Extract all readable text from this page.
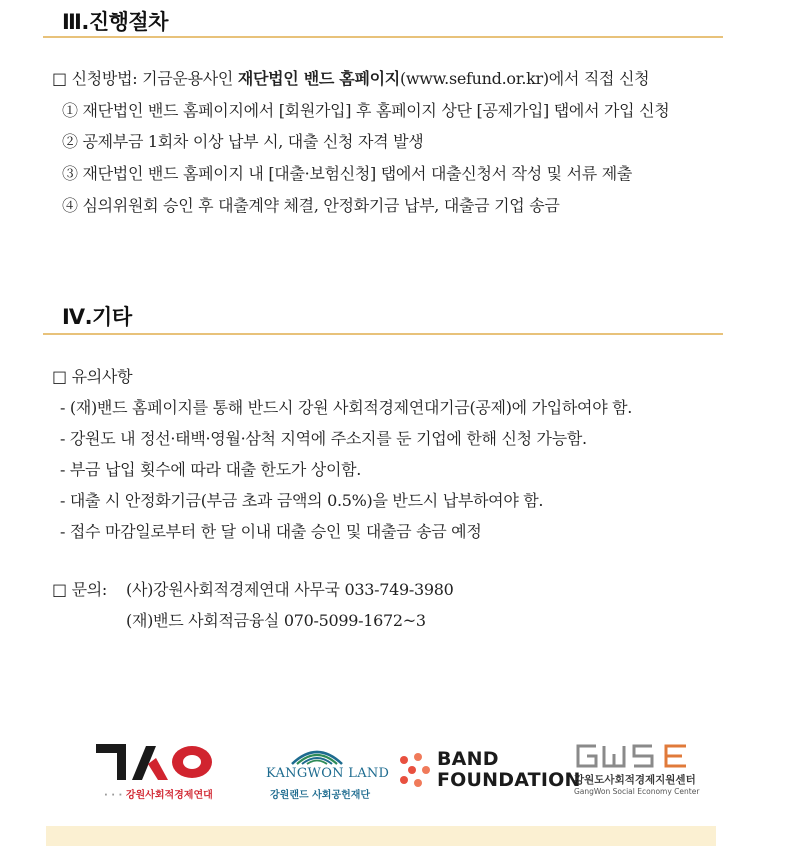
Ⅲ.진행절차
□ 신청방법: 기금운용사인 재단법인 밴드 홈페이지(www.sefund.or.kr)에서 직접 신청
① 재단법인 밴드 홈페이지에서 [회원가입] 후 홈페이지 상단 [공제가입] 탭에서 가입 신청
② 공제부금 1회차 이상 납부 시, 대출 신청 자격 발생
③ 재단법인 밴드 홈페이지 내 [대출·보험신청] 탭에서 대출신청서 작성 및 서류 제출
④ 심의위원회 승인 후 대출계약 체결, 안정화기금 납부, 대출금 기업 송금
Ⅳ.기타
□ 유의사항
- (재)밴드 홈페이지를 통해 반드시 강원 사회적경제연대기금(공제)에 가입하여야 함.
- 강원도 내 정선·태백·영월·삼척 지역에 주소지를 둔 기업에 한해 신청 가능함.
- 부금 납입 횟수에 따라 대출 한도가 상이함.
- 대출 시 안정화기금(부금 초과 금액의 0.5%)을 반드시 납부하여야 함.
- 접수 마감일로부터 한 달 이내 대출 승인 및 대출금 송금 예정
□ 문의: (사)강원사회적경제연대 사무국 033-749-3980
(재)밴드 사회적금융실 070-5099-1672~3
· · · 강원사회적경제연대
KANGWON LAND
강원랜드 사회공헌재단
BAND
FOUNDATION
강원도사회적경제지원센터
GangWon Social Economy Center
